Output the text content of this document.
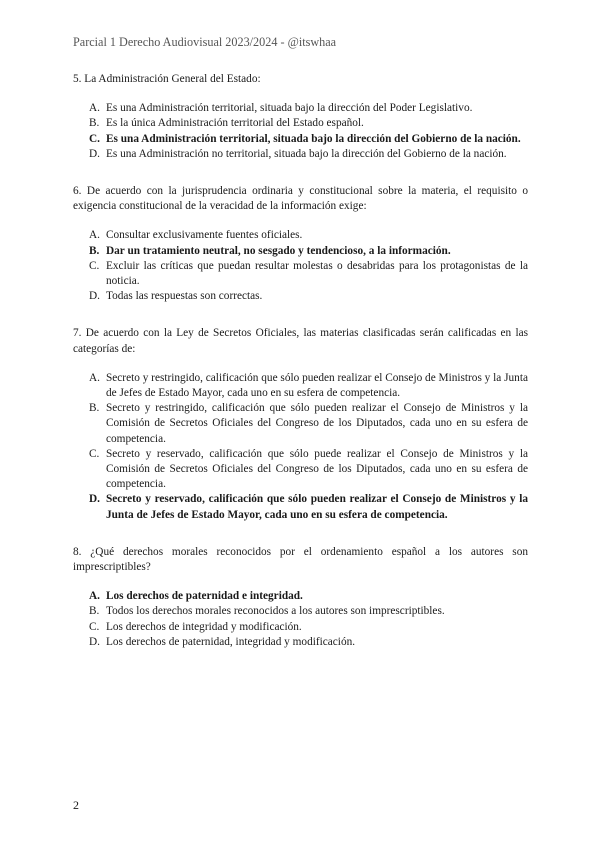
Parcial 1 Derecho Audiovisual 2023/2024 - @itswhaa

5. La Administración General del Estado:

A. Es una Administración territorial, situada bajo la dirección del Poder Legislativo.
B. Es la única Administración territorial del Estado español.
C. Es una Administración territorial, situada bajo la dirección del Gobierno de la nación.
D. Es una Administración no territorial, situada bajo la dirección del Gobierno de la nación.

6. De acuerdo con la jurisprudencia ordinaria y constitucional sobre la materia, el requisito o exigencia constitucional de la veracidad de la información exige:

A. Consultar exclusivamente fuentes oficiales.
B. Dar un tratamiento neutral, no sesgado y tendencioso, a la información.
C. Excluir las críticas que puedan resultar molestas o desabridas para los protagonistas de la noticia.
D. Todas las respuestas son correctas.

7. De acuerdo con la Ley de Secretos Oficiales, las materias clasificadas serán calificadas en las categorías de:

A. Secreto y restringido, calificación que sólo pueden realizar el Consejo de Ministros y la Junta de Jefes de Estado Mayor, cada uno en su esfera de competencia.
B. Secreto y restringido, calificación que sólo pueden realizar el Consejo de Ministros y la Comisión de Secretos Oficiales del Congreso de los Diputados, cada uno en su esfera de competencia.
C. Secreto y reservado, calificación que sólo puede realizar el Consejo de Ministros y la Comisión de Secretos Oficiales del Congreso de los Diputados, cada uno en su esfera de competencia.
D. Secreto y reservado, calificación que sólo pueden realizar el Consejo de Ministros y la Junta de Jefes de Estado Mayor, cada uno en su esfera de competencia.

8. ¿Qué derechos morales reconocidos por el ordenamiento español a los autores son imprescriptibles?

A. Los derechos de paternidad e integridad.
B. Todos los derechos morales reconocidos a los autores son imprescriptibles.
C. Los derechos de integridad y modificación.
D. Los derechos de paternidad, integridad y modificación.
2
